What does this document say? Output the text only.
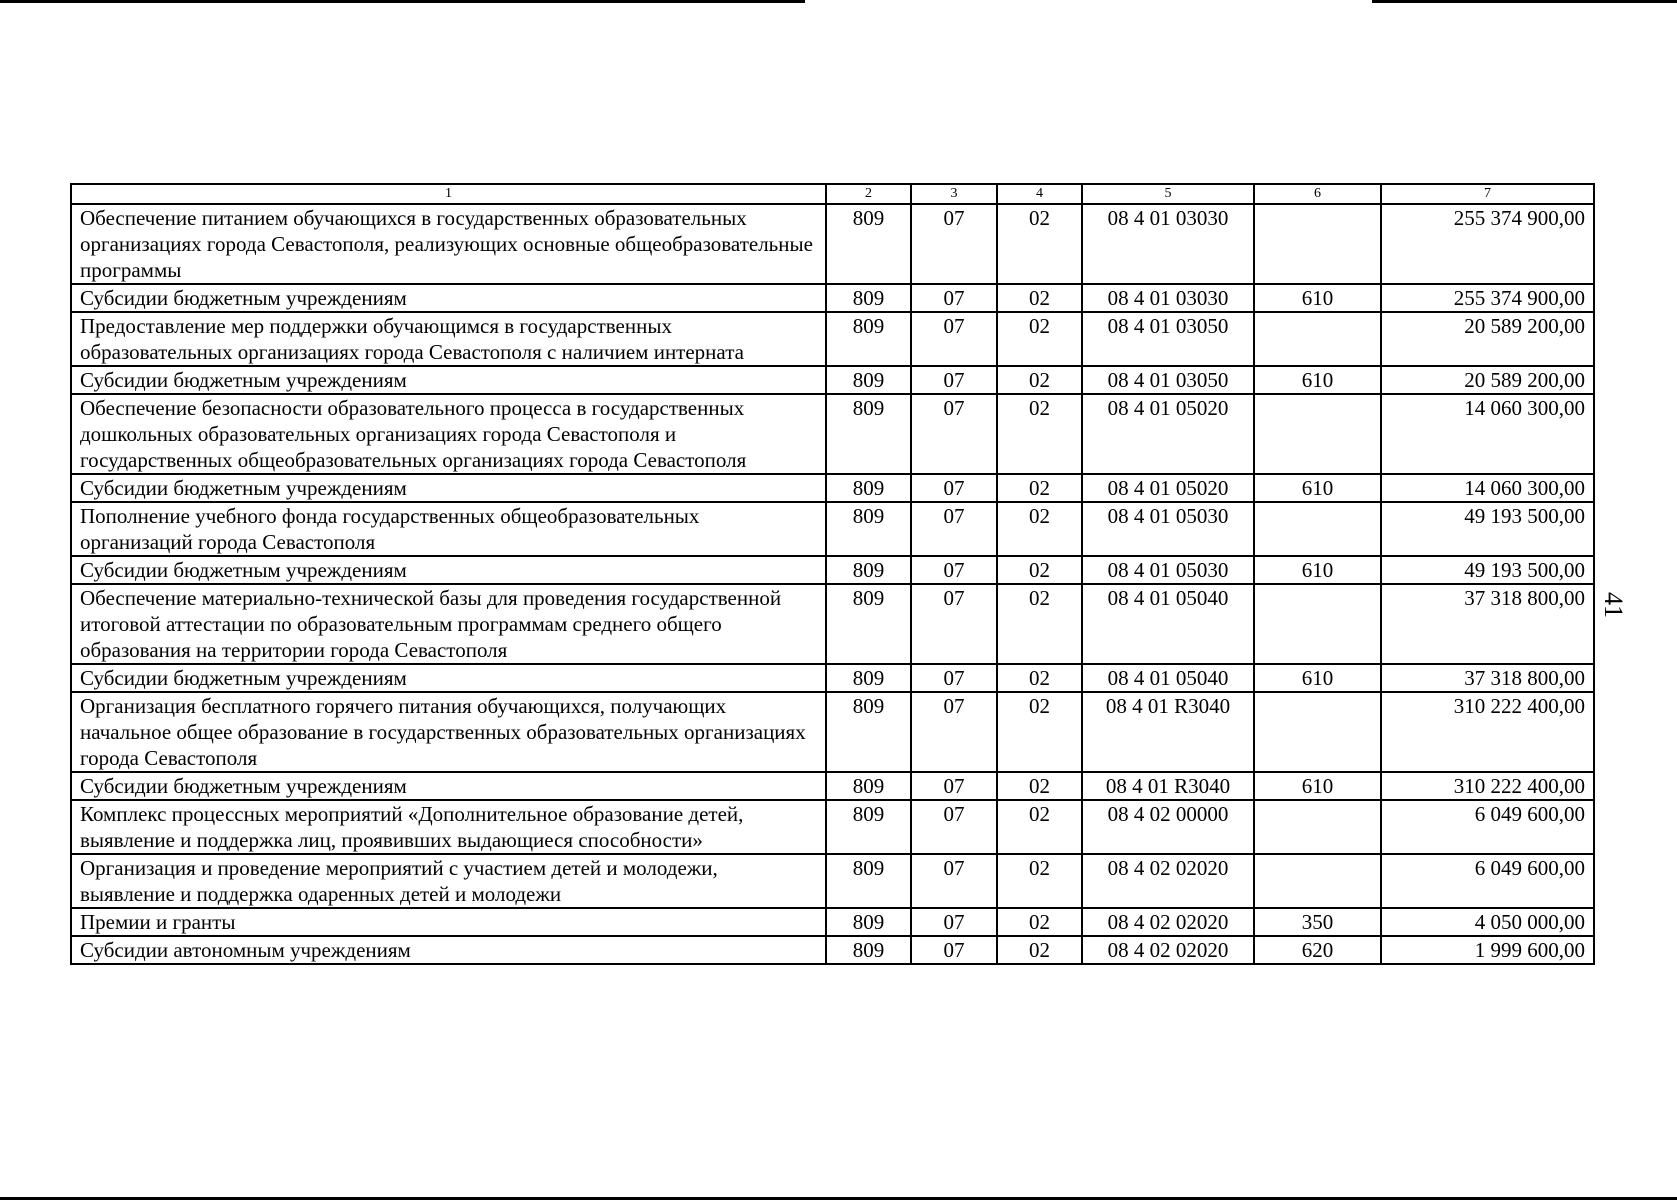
1	2	3	4	5	6	7
Обеспечение питанием обучающихся в государственных образовательных организациях города Севастополя, реализующих основные общеобразовательные программы	809	07	02	08 4 01 03030		255 374 900,00
Субсидии бюджетным учреждениям	809	07	02	08 4 01 03030	610	255 374 900,00
Предоставление мер поддержки обучающимся в государственных образовательных организациях города Севастополя с наличием интерната	809	07	02	08 4 01 03050		20 589 200,00
Субсидии бюджетным учреждениям	809	07	02	08 4 01 03050	610	20 589 200,00
Обеспечение безопасности образовательного процесса в государственных дошкольных образовательных организациях города Севастополя и государственных общеобразовательных организациях города Севастополя	809	07	02	08 4 01 05020		14 060 300,00
Субсидии бюджетным учреждениям	809	07	02	08 4 01 05020	610	14 060 300,00
Пополнение учебного фонда государственных общеобразовательных организаций города Севастополя	809	07	02	08 4 01 05030		49 193 500,00
Субсидии бюджетным учреждениям	809	07	02	08 4 01 05030	610	49 193 500,00
Обеспечение материально-технической базы для проведения государственной итоговой аттестации по образовательным программам среднего общего образования на территории города Севастополя	809	07	02	08 4 01 05040		37 318 800,00
Субсидии бюджетным учреждениям	809	07	02	08 4 01 05040	610	37 318 800,00
Организация бесплатного горячего питания обучающихся, получающих начальное общее образование в государственных образовательных организациях города Севастополя	809	07	02	08 4 01 R3040		310 222 400,00
Субсидии бюджетным учреждениям	809	07	02	08 4 01 R3040	610	310 222 400,00
Комплекс процессных мероприятий «Дополнительное образование детей, выявление и поддержка лиц, проявивших выдающиеся способности»	809	07	02	08 4 02 00000		6 049 600,00
Организация и проведение мероприятий с участием детей и молодежи, выявление и поддержка одаренных детей и молодежи	809	07	02	08 4 02 02020		6 049 600,00
Премии и гранты	809	07	02	08 4 02 02020	350	4 050 000,00
Субсидии автономным учреждениям	809	07	02	08 4 02 02020	620	1 999 600,00
41
